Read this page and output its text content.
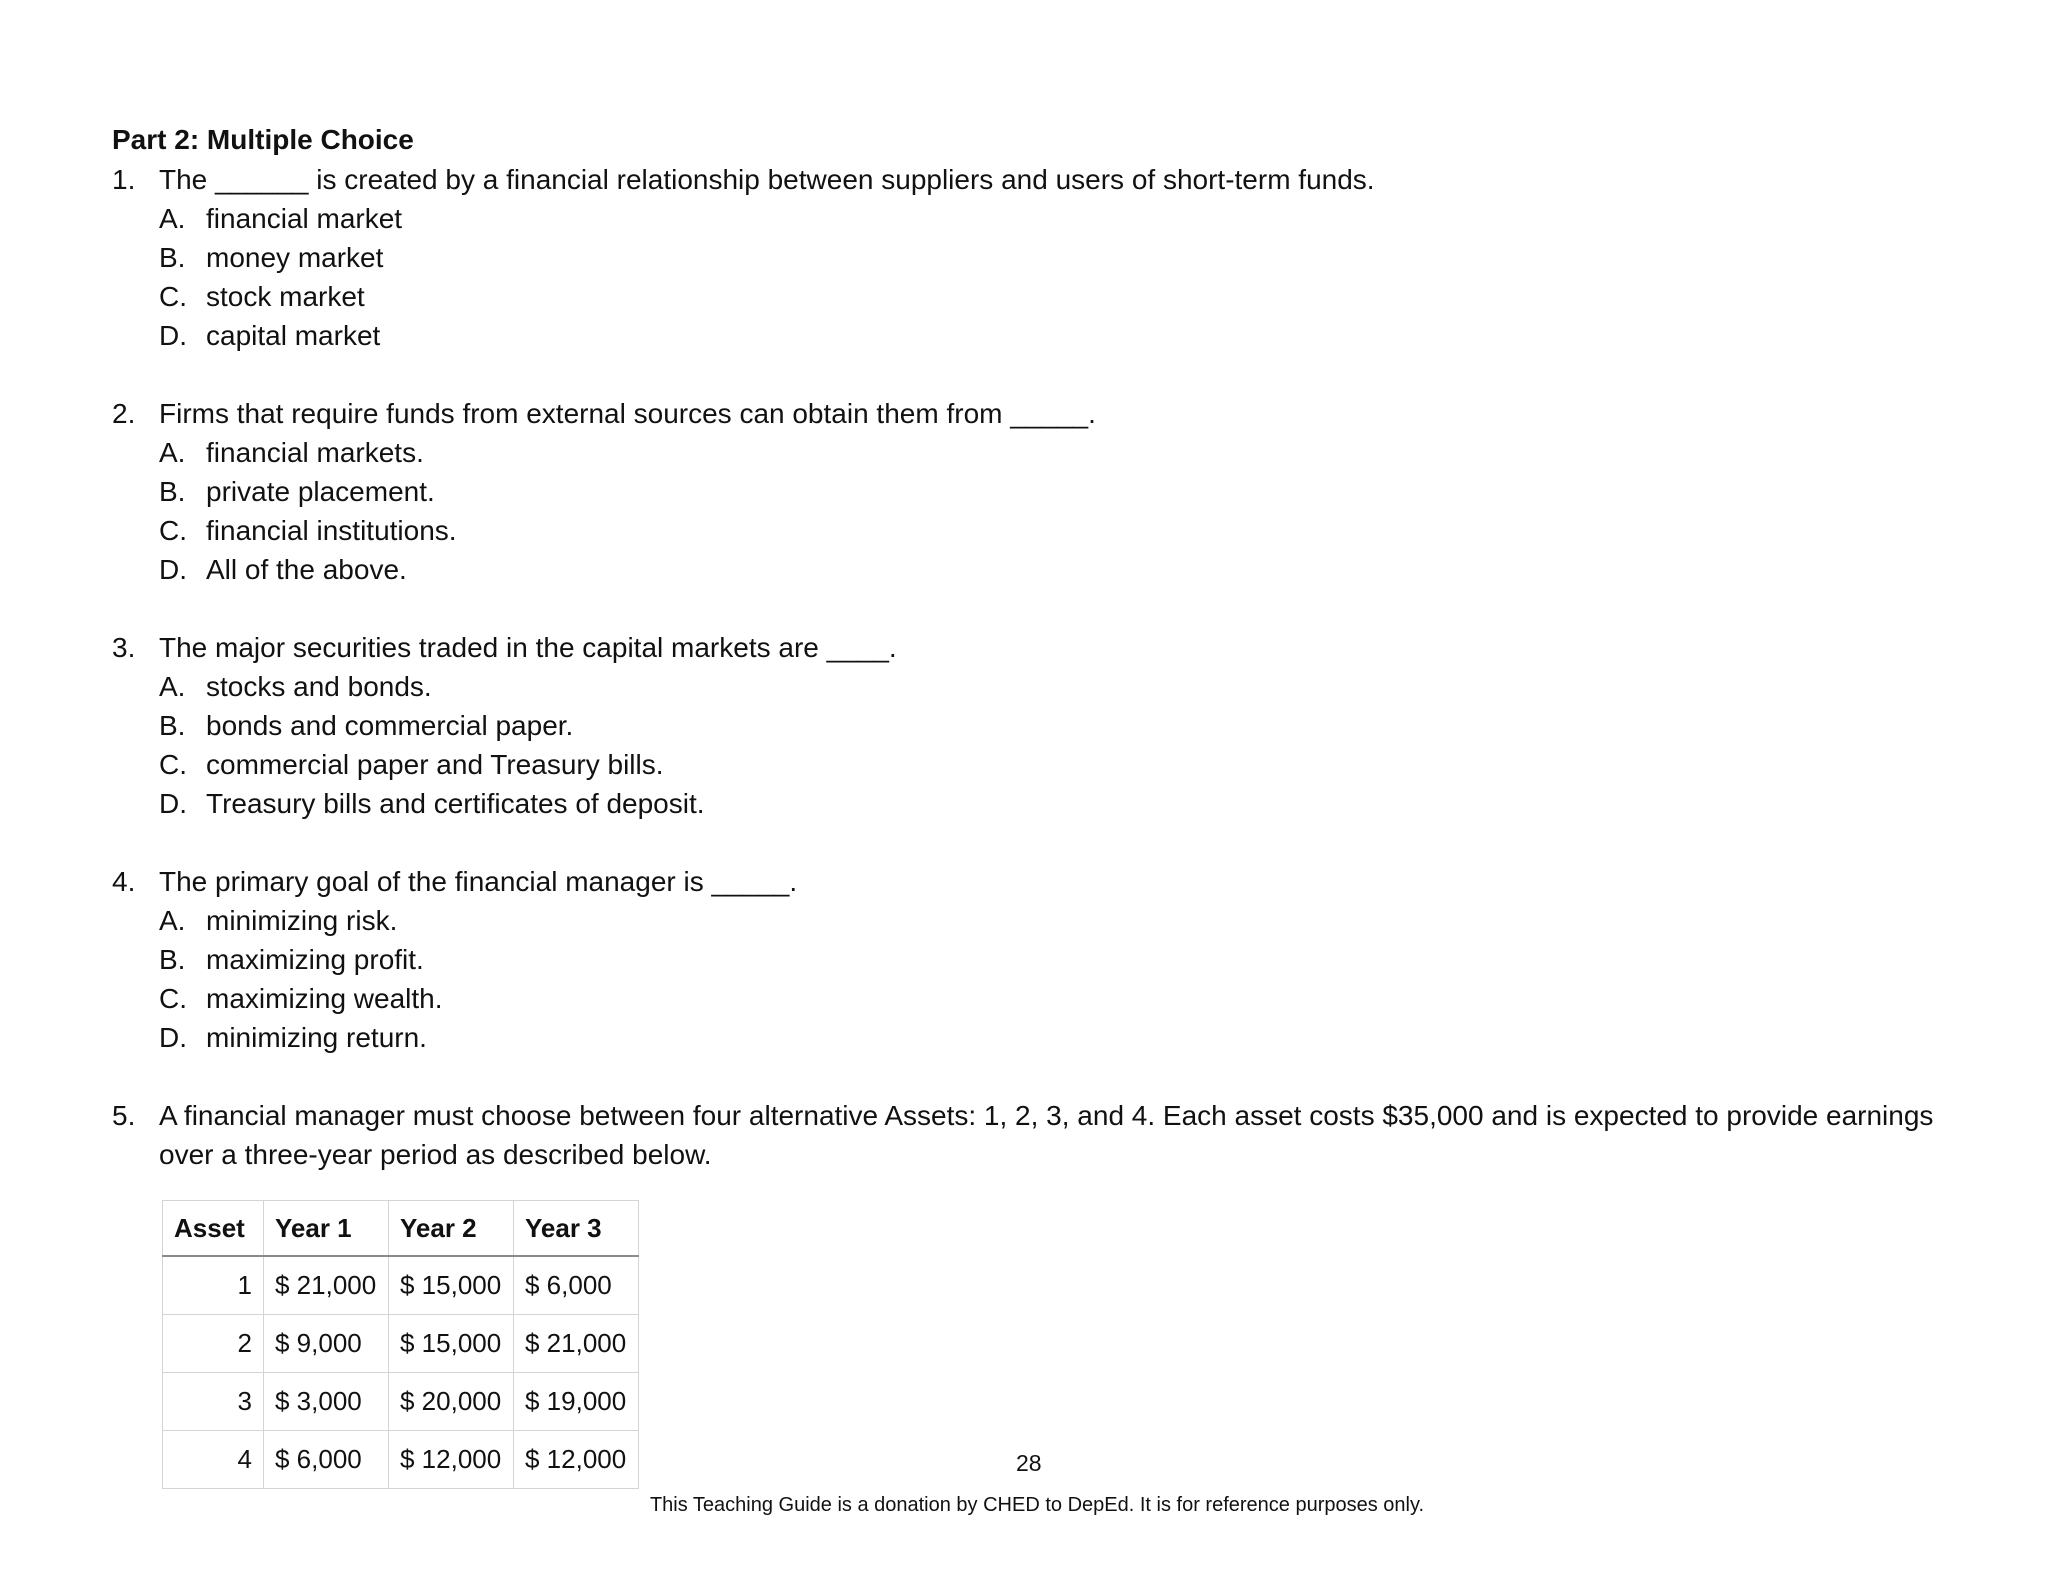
Part 2: Multiple Choice
1. The ______ is created by a financial relationship between suppliers and users of short-term funds.
A. financial market
B. money market
C. stock market
D. capital market
2. Firms that require funds from external sources can obtain them from _____.
A. financial markets.
B. private placement.
C. financial institutions.
D. All of the above.
3. The major securities traded in the capital markets are ____.
A. stocks and bonds.
B. bonds and commercial paper.
C. commercial paper and Treasury bills.
D. Treasury bills and certificates of deposit.
4. The primary goal of the financial manager is _____.
A. minimizing risk.
B. maximizing profit.
C. maximizing wealth.
D. minimizing return.
5. A financial manager must choose between four alternative Assets: 1, 2, 3, and 4. Each asset costs $35,000 and is expected to provide earnings over a three-year period as described below.
Asset	Year 1	Year 2	Year 3
1	$ 21,000	$ 15,000	$ 6,000
2	$ 9,000	$ 15,000	$ 21,000
3	$ 3,000	$ 20,000	$ 19,000
4	$ 6,000	$ 12,000	$ 12,000	28
This Teaching Guide is a donation by CHED to DepEd. It is for reference purposes only.
